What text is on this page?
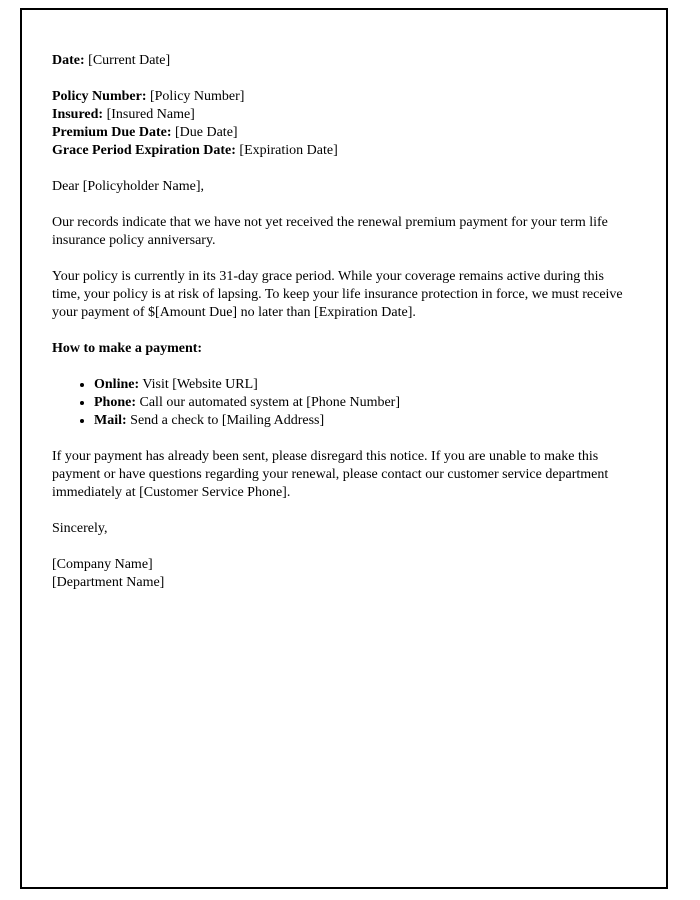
Date: [Current Date]
Policy Number: [Policy Number]
Insured: [Insured Name]
Premium Due Date: [Due Date]
Grace Period Expiration Date: [Expiration Date]
Dear [Policyholder Name],

Our records indicate that we have not yet received the renewal premium payment for your term life insurance policy anniversary.

Your policy is currently in its 31-day grace period. While your coverage remains active during this time, your policy is at risk of lapsing. To keep your life insurance protection in force, we must receive your payment of $[Amount Due] no later than [Expiration Date].

How to make a payment:
• Online: Visit [Website URL]
• Phone: Call our automated system at [Phone Number]
• Mail: Send a check to [Mailing Address]

If your payment has already been sent, please disregard this notice. If you are unable to make this payment or have questions regarding your renewal, please contact our customer service department immediately at [Customer Service Phone].

Sincerely,
[Company Name]
[Department Name]
